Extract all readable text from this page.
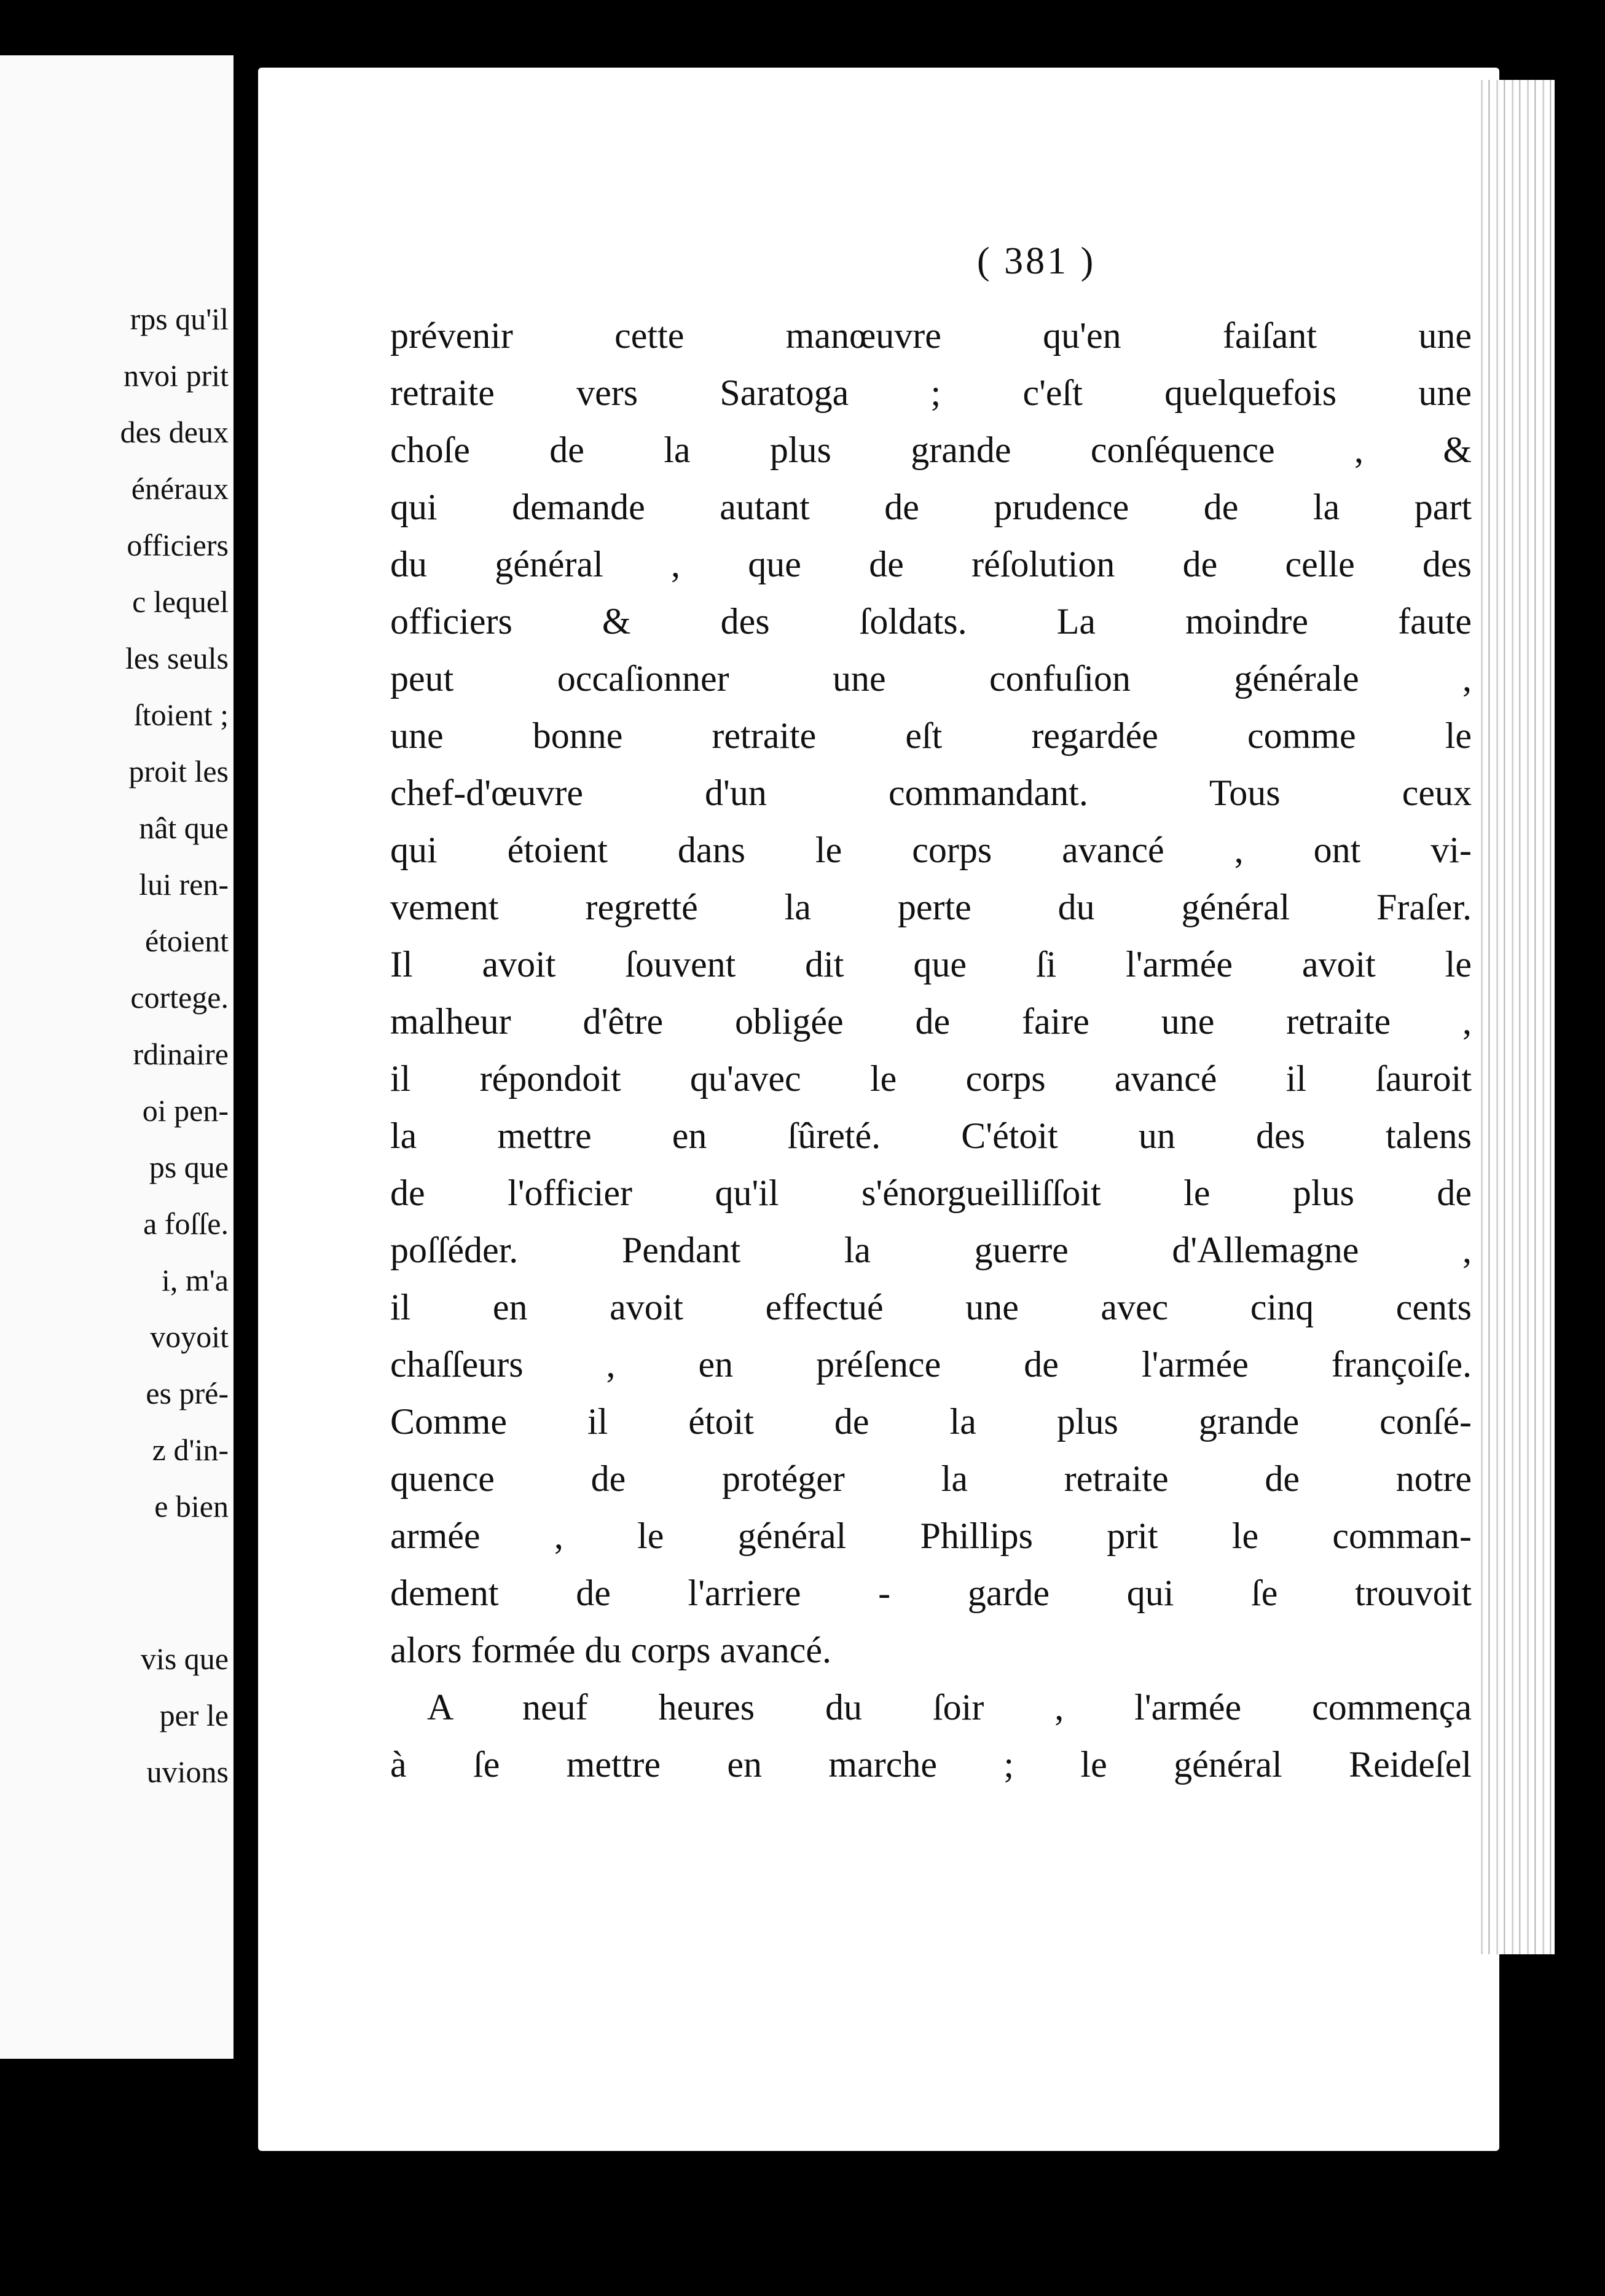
rps qu'il
nvoi prit
des deux
énéraux
officiers
c lequel
les seuls
ſtoient ;
proit les
nât que
lui ren-
étoient
cortege.
rdinaire
oi pen-
ps que
a foſſe.
i, m'a
voyoit
es pré-
z d'in-
e bien
vis que
per le
uvions
( 381 )
prévenir cette manœuvre qu'en faiſant une
retraite vers Saratoga ; c'eſt quelquefois une
choſe de la plus grande conſéquence , &
qui demande autant de prudence de la part
du général , que de réſolution de celle des
officiers & des ſoldats. La moindre faute
peut occaſionner une confuſion générale ,
une bonne retraite eſt regardée comme le
chef-d'œuvre d'un commandant. Tous ceux
qui étoient dans le corps avancé , ont vi-
vement regretté la perte du général Fraſer.
Il avoit ſouvent dit que ſi l'armée avoit le
malheur d'être obligée de faire une retraite ,
il répondoit qu'avec le corps avancé il ſauroit
la mettre en ſûreté. C'étoit un des talens
de l'officier qu'il s'énorgueilliſſoit le plus de
poſſéder. Pendant la guerre d'Allemagne ,
il en avoit effectué une avec cinq cents
chaſſeurs , en préſence de l'armée françoiſe.
Comme il étoit de la plus grande conſé-
quence de protéger la retraite de notre
armée , le général Phillips prit le comman-
dement de l'arriere - garde qui ſe trouvoit
alors formée du corps avancé.
A neuf heures du ſoir , l'armée commença
à ſe mettre en marche ; le général Reideſel
